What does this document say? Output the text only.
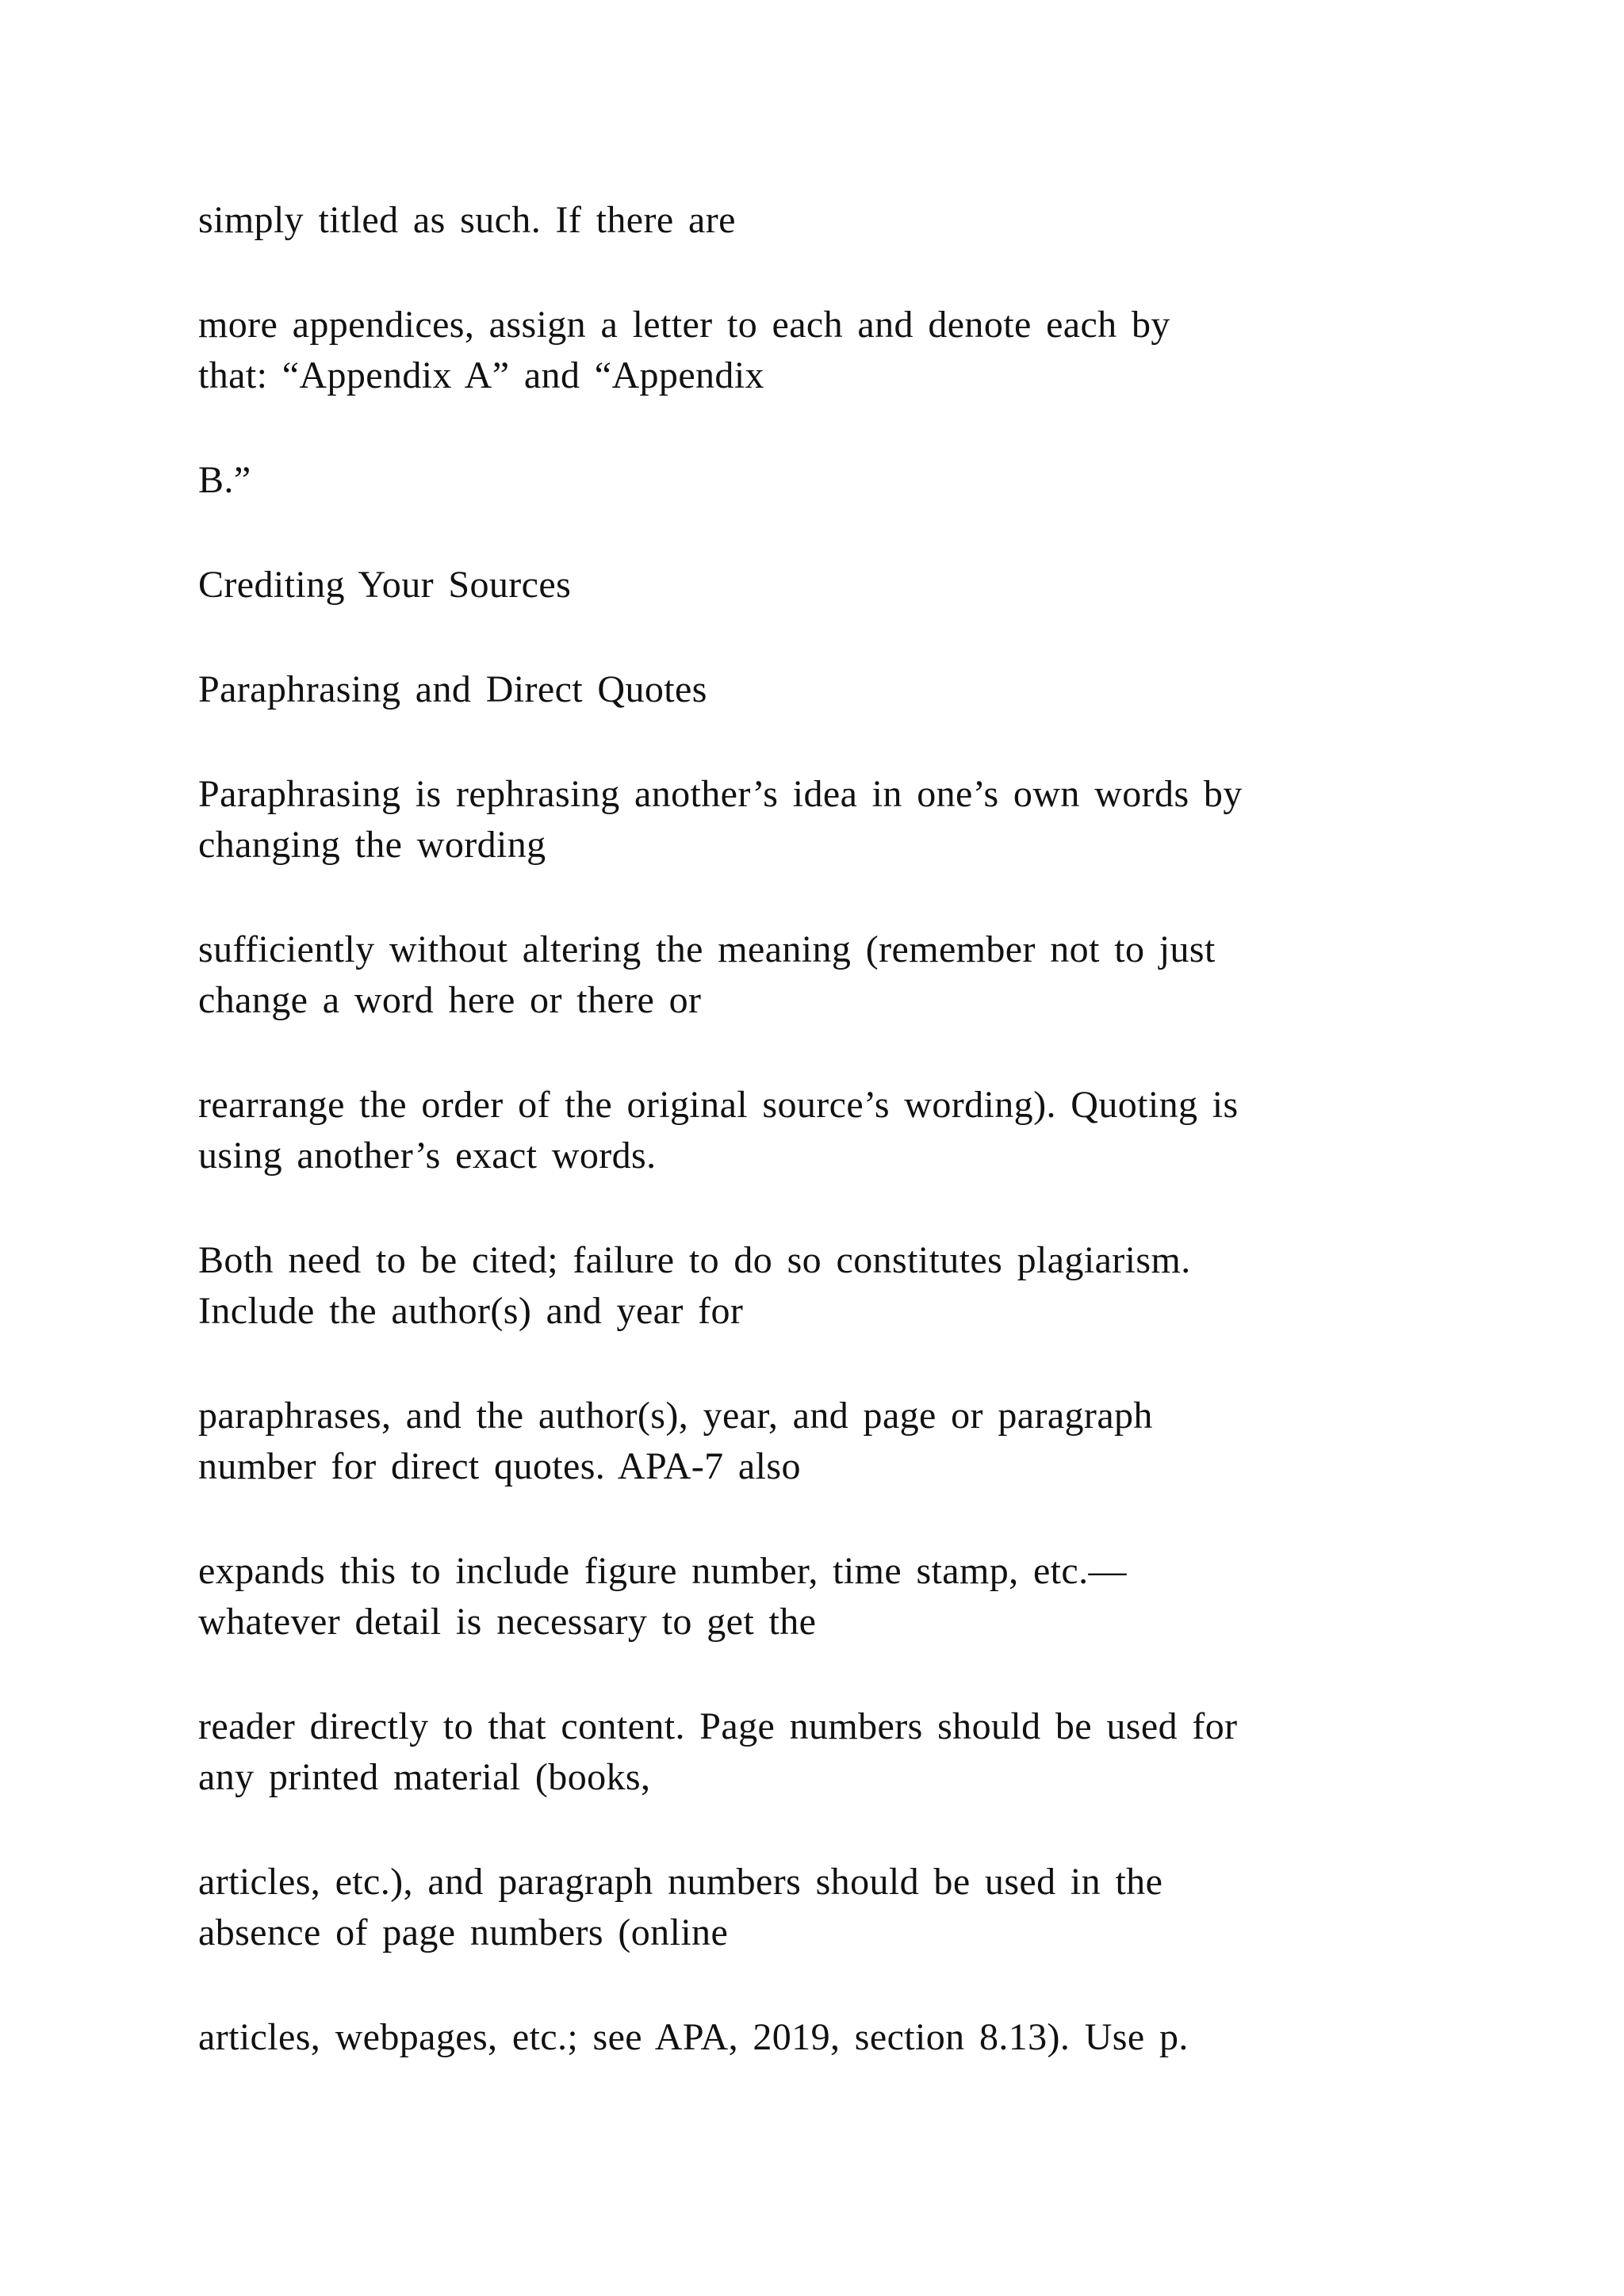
simply titled as such. If there are
more appendices, assign a letter to each and denote each by
that: “Appendix A” and “Appendix
B.”
Crediting Your Sources
Paraphrasing and Direct Quotes
Paraphrasing is rephrasing another’s idea in one’s own words by
changing the wording
sufficiently without altering the meaning (remember not to just
change a word here or there or
rearrange the order of the original source’s wording). Quoting is
using another’s exact words.
Both need to be cited; failure to do so constitutes plagiarism.
Include the author(s) and year for
paraphrases, and the author(s), year, and page or paragraph
number for direct quotes. APA-7 also
expands this to include figure number, time stamp, etc.—
whatever detail is necessary to get the
reader directly to that content. Page numbers should be used for
any printed material (books,
articles, etc.), and paragraph numbers should be used in the
absence of page numbers (online
articles, webpages, etc.; see APA, 2019, section 8.13). Use p.
